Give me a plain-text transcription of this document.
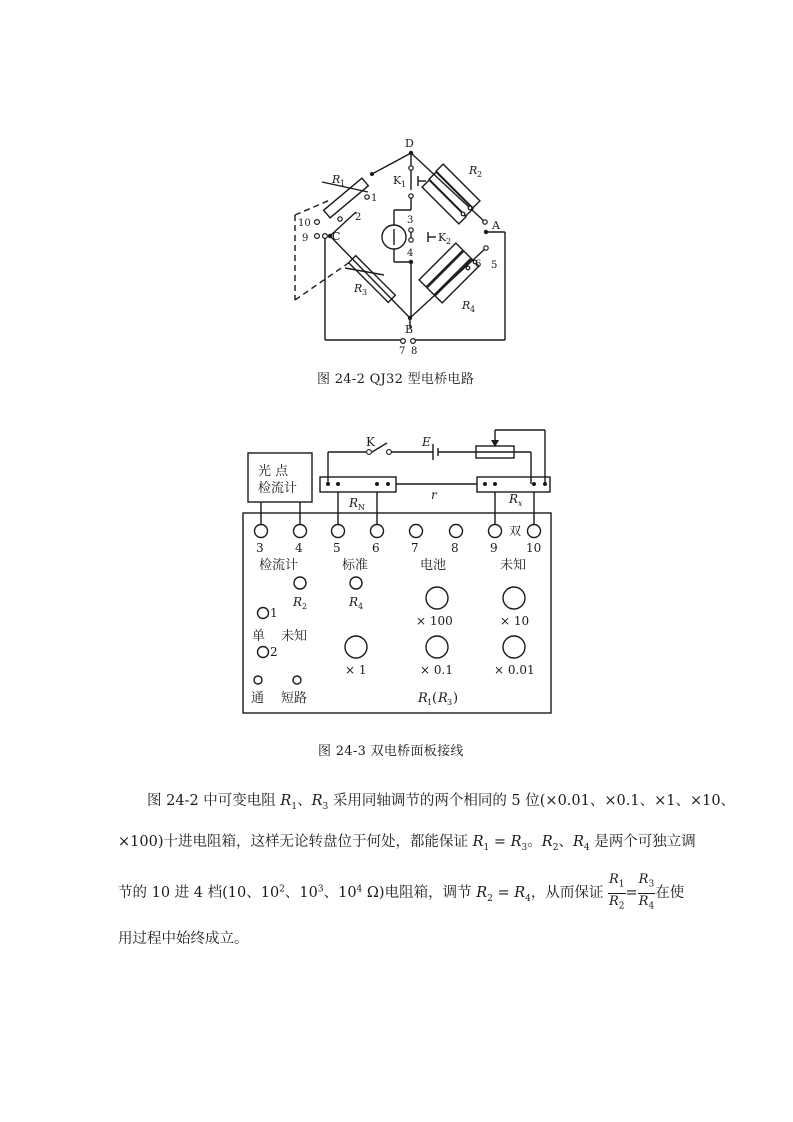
D
A
B
C
K 1
K 2
R 1
R 2
R 3
R 4
1
2	3
4
5
6
7 8
9
10
图 24-2 QJ32 型电桥电路
K	E
r
R N
R x
光 点
检流计
3	4	5	6	7	8	9 10
双
检流计	标准	电池	未知
R 2	R 4
× 100	× 10
× 1	× 0.1	× 0.01
1
2
单 未知
通 短路	R 1 ( R 3 )
图 24-3 双电桥面板接线
图 24-2 中可变电阻 $R_1$、$R_3$ 采用同轴调节的两个相同的 5 位(×0.01、×0.1、×1、×10、
×100)十进电阻箱，这样无论转盘位于何处，都能保证 $R_1 = R_3$。$R_2$、$R_4$ 是两个可独立调
节的 10 进 4 档(10、$10^2$、$10^3$、$10^4$ Ω)电阻箱，调节 $R_2 = R_4$，从而保证 $\frac{R_1}{R_2} = \frac{R_3}{R_4}$ 在使
用过程中始终成立。
